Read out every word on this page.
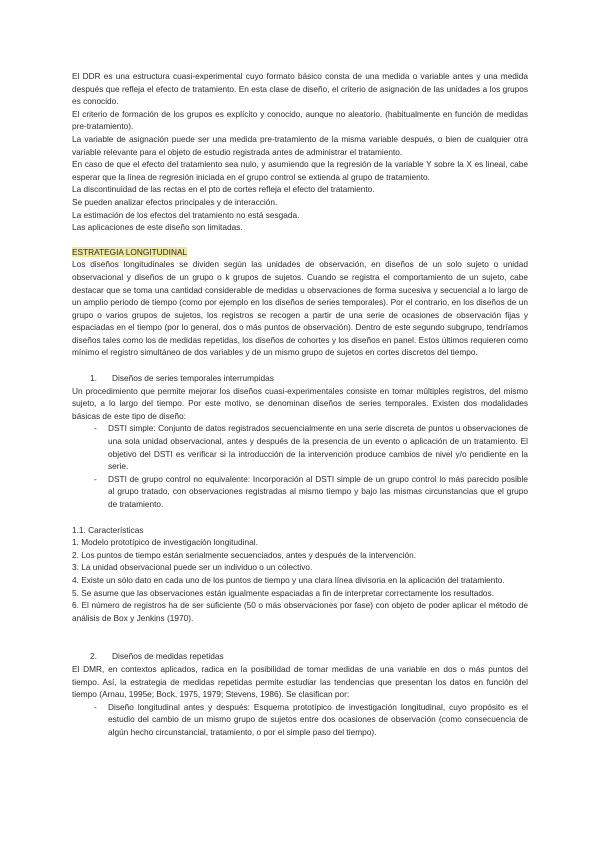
El DDR es una estructura cuasi-experimental cuyo formato básico consta de una medida o variable antes y una medida después que refleja el efecto de tratamiento. En esta clase de diseño, el criterio de asignación de las unidades a los grupos es conocido.

El criterio de formación de los grupos es explícito y conocido, aunque no aleatorio. (habitualmente en función de medidas pre-tratamiento).

La variable de asignación puede ser una medida pre-tratamiento de la misma variable después, o bien de cualquier otra variable relevante para el objeto de estudio registrada antes de administrar el tratamiento.

En caso de que el efecto del tratamiento sea nulo, y asumiendo que la regresión de la variable Y sobre la X es lineal, cabe esperar que la línea de regresión iniciada en el grupo control se extienda al grupo de tratamiento.

La discontinuidad de las rectas en el pto de cortes refleja el efecto del tratamiento.

Se pueden analizar efectos principales y de interacción.

La estimación de los efectos del tratamiento no está sesgada.

Las aplicaciones de este diseño son limitadas.

ESTRATEGIA LONGITUDINAL

Los diseños longitudinales se dividen según las unidades de observación, en diseños de un solo sujeto o unidad observacional y diseños de un grupo o k grupos de sujetos. Cuando se registra el comportamiento de un sujeto, cabe destacar que se toma una cantidad considerable de medidas u observaciones de forma sucesiva y secuencial a lo largo de un amplio periodo de tiempo (como por ejemplo en los diseños de series temporales). Por el contrario, en los diseños de un grupo o varios grupos de sujetos, los registros se recogen a partir de una serie de ocasiones de observación fijas y espaciadas en el tiempo (por lo general, dos o más puntos de observación). Dentro de este segundo subgrupo, tendríamos diseños tales como los de medidas repetidas, los diseños de cohortes y los diseños en panel. Estos últimos requieren como mínimo el registro simultáneo de dos variables y de un mismo grupo de sujetos en cortes discretos del tiempo.

1.	Diseños de series temporales interrumpidas

Un procedimiento que permite mejorar los diseños cuasi-experimentales consiste en tomar múltiples registros, del mismo sujeto, a lo largo del tiempo. Por este motivo, se denominan diseños de series temporales. Existen dos modalidades básicas de este tipo de diseño:

-	DSTI simple: Conjunto de datos registrados secuencialmente en una serie discreta de puntos u observaciones de una sola unidad observacional, antes y después de la presencia de un evento o aplicación de un tratamiento. El objetivo del DSTI es verificar si la introducción de la intervención produce cambios de nivel y/o pendiente en la serie.
-	DSTI de grupo control no equivalente: Incorporación al DSTI simple de un grupo control lo más parecido posible al grupo tratado, con observaciones registradas al mismo tiempo y bajo las mismas circunstancias que el grupo de tratamiento.

1.1. Características

1. Modelo prototípico de investigación longitudinal.

2. Los puntos de tiempo están serialmente secuenciados, antes y después de la intervención.

3. La unidad observacional puede ser un individuo o un colectivo.

4. Existe un sólo dato en cada uno de los puntos de tiempo y una clara línea divisoria en la aplicación del tratamiento.

5. Se asume que las observaciones están igualmente espaciadas a fin de interpretar correctamente los resultados.

6. El número de registros ha de ser suficiente (50 o más observaciones por fase) con objeto de poder aplicar el método de análisis de Box y Jenkins (1970).

2.	Diseños de medidas repetidas

El DMR, en contextos aplicados, radica en la posibilidad de tomar medidas de una variable en dos o más puntos del tiempo. Así, la estrategia de medidas repetidas permite estudiar las tendencias que presentan los datos en función del tiempo (Arnau, 1995e; Bock, 1975, 1979; Stevens, 1986). Se clasifican por:

-	Diseño longitudinal antes y después: Esquema prototípico de investigación longitudinal, cuyo propósito es el estudio del cambio de un mismo grupo de sujetos entre dos ocasiones de observación (como consecuencia de algún hecho circunstancial, tratamiento, o por el simple paso del tiempo).
